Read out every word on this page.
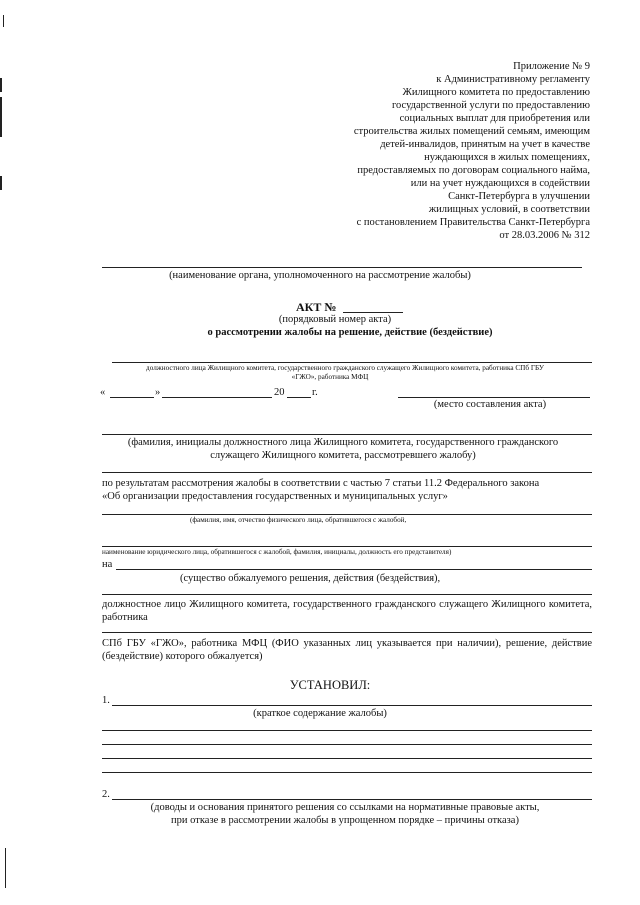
Приложение № 9
к Административному регламенту
Жилищного комитета по предоставлению
государственной услуги по предоставлению
социальных выплат для приобретения или
строительства жилых помещений семьям, имеющим
детей-инвалидов, принятым на учет в качестве
нуждающихся в жилых помещениях,
предоставляемых по договорам социального найма,
или на учет нуждающихся в содействии
Санкт-Петербурга в улучшении
жилищных условий, в соответствии
с постановлением Правительства Санкт-Петербурга
от 28.03.2006 № 312
(наименование органа, уполномоченного на рассмотрение жалобы)
АКТ №
(порядковый номер акта)
о рассмотрении жалобы на решение, действие (бездействие)
должностного лица Жилищного комитета, государственного гражданского служащего Жилищного комитета, работника СПб ГБУ
«ГЖО», работника МФЦ
«	»	20	г.
(место составления акта)
(фамилия, инициалы должностного лица Жилищного комитета, государственного гражданского служащего Жилищного комитета, рассмотревшего жалобу)
по результатам рассмотрения жалобы в соответствии с частью 7 статьи 11.2 Федерального закона
«Об организации предоставления государственных и муниципальных услуг»
(фамилия, имя, отчество физического лица, обратившегося с жалобой,
наименование юридического лица, обратившегося с жалобой, фамилия, инициалы, должность его представителя)
на
(существо обжалуемого решения, действия (бездействия),
должностное лицо Жилищного комитета, государственного гражданского служащего Жилищного комитета, работника
СПб ГБУ «ГЖО», работника МФЦ (ФИО указанных лиц указывается при наличии), решение, действие (бездействие) которого обжалуется)
УСТАНОВИЛ:
1.
(краткое содержание жалобы)
2.
(доводы и основания принятого решения со ссылками на нормативные правовые акты,
при отказе в рассмотрении жалобы в упрощенном порядке – причины отказа)
